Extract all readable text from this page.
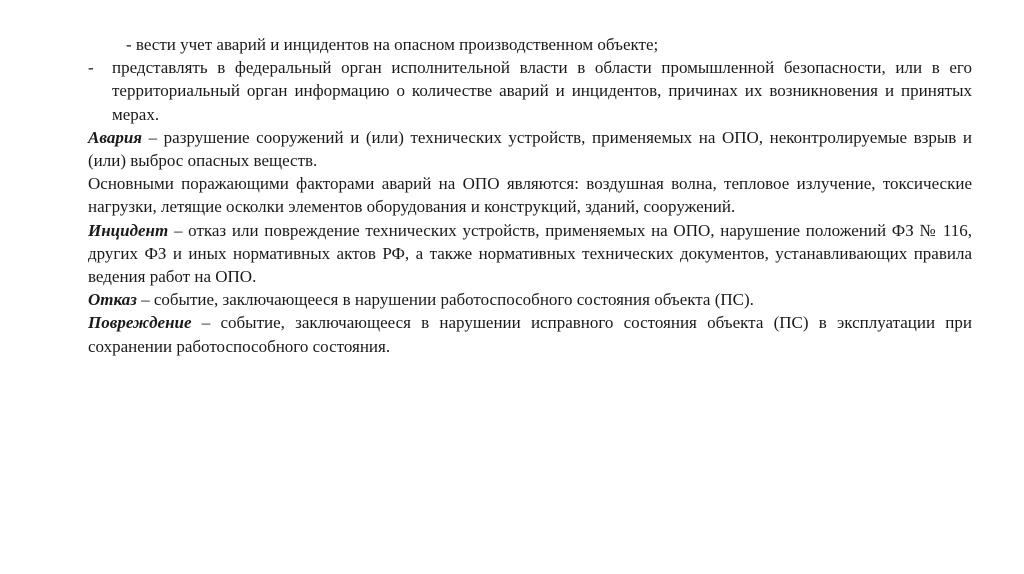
- вести учет аварий и инцидентов на опасном производственном объекте;
- представлять в федеральный орган исполнительной власти в области промышленной безопасности, или в его территориальный орган информацию о количестве аварий и инцидентов, причинах их возникновения и принятых мерах.

Авария – разрушение сооружений и (или) технических устройств, применяемых на ОПО, неконтролируемые взрыв и (или) выброс опасных веществ.

Основными поражающими факторами аварий на ОПО являются: воздушная волна, тепловое излучение, токсические нагрузки, летящие осколки элементов оборудования и конструкций, зданий, сооружений.

Инцидент – отказ или повреждение технических устройств, применяемых на ОПО, нарушение положений ФЗ № 116, других ФЗ и иных нормативных актов РФ, а также нормативных технических документов, устанавливающих правила ведения работ на ОПО.

Отказ – событие, заключающееся в нарушении работоспособного состояния объекта (ПС).

Повреждение – событие, заключающееся в нарушении исправного состояния объекта (ПС) в эксплуатации при сохранении работоспособного состояния.
